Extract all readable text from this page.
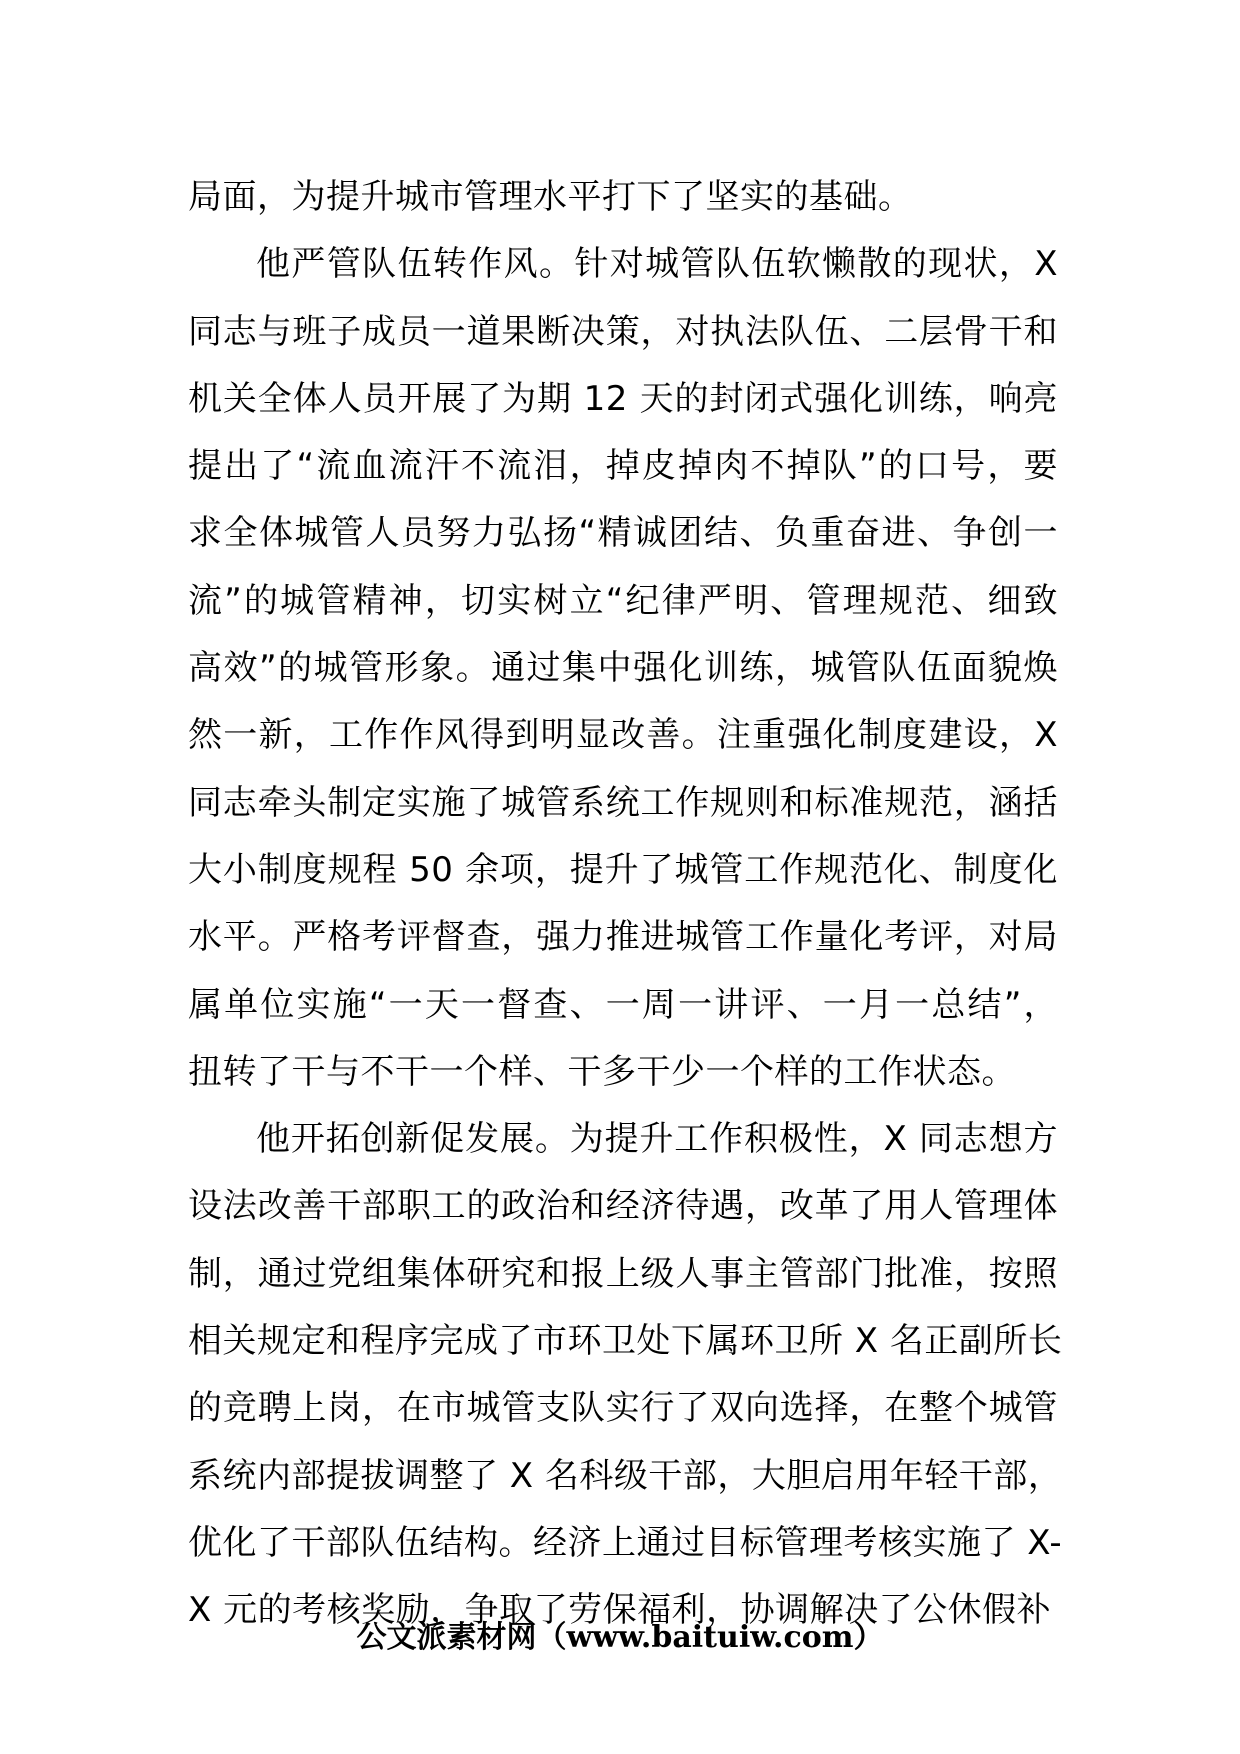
局面，为提升城市管理水平打下了坚实的基础。
他严管队伍转作风。针对城管队伍软懒散的现状，X
同志与班子成员一道果断决策，对执法队伍、二层骨干和
机关全体人员开展了为期 12 天的封闭式强化训练，响亮
提出了“流血流汗不流泪，掉皮掉肉不掉队”的口号，要
求全体城管人员努力弘扬“精诚团结、负重奋进、争创一
流”的城管精神，切实树立“纪律严明、管理规范、细致
高效”的城管形象。通过集中强化训练，城管队伍面貌焕
然一新，工作作风得到明显改善。注重强化制度建设，X
同志牵头制定实施了城管系统工作规则和标准规范，涵括
大小制度规程 50 余项，提升了城管工作规范化、制度化
水平。严格考评督查，强力推进城管工作量化考评，对局
属单位实施“一天一督查、一周一讲评、一月一总结”，
扭转了干与不干一个样、干多干少一个样的工作状态。
他开拓创新促发展。为提升工作积极性，X 同志想方
设法改善干部职工的政治和经济待遇，改革了用人管理体
制，通过党组集体研究和报上级人事主管部门批准，按照
相关规定和程序完成了市环卫处下属环卫所 X 名正副所长
的竞聘上岗，在市城管支队实行了双向选择，在整个城管
系统内部提拔调整了 X 名科级干部，大胆启用年轻干部，
优化了干部队伍结构。经济上通过目标管理考核实施了 X-
X 元的考核奖励，争取了劳保福利，协调解决了公休假补
公文派素材网（www.baituiw.com）
